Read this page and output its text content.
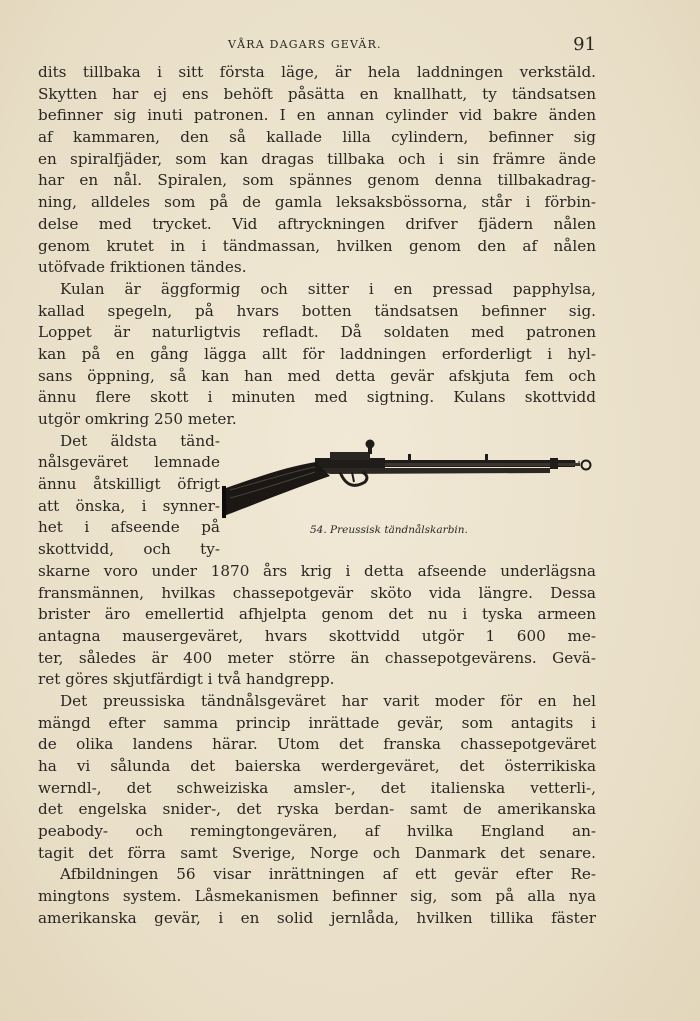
VÅRA DAGARS GEVÄR.	91
dits tillbaka i sitt första läge, är hela laddningen verkstäld.
Skytten har ej ens behöft påsätta en knallhatt, ty tändsatsen
befinner sig inuti patronen. I en annan cylinder vid bakre änden
af kammaren, den så kallade lilla cylindern, befinner sig
en spiralfjäder, som kan dragas tillbaka och i sin främre ände
har en nål. Spiralen, som spännes genom denna tillbakadrag-
ning, alldeles som på de gamla leksaksbössorna, står i förbin-
delse med trycket. Vid aftryckningen drifver fjädern nålen
genom krutet in i tändmassan, hvilken genom den af nålen
utöfvade friktionen tändes.
Kulan är äggformig och sitter i en pressad papphylsa,
kallad spegeln, på hvars botten tändsatsen befinner sig.
Loppet är naturligtvis refladt. Då soldaten med patronen
kan på en gång lägga allt för laddningen erforderligt i hyl-
sans öppning, så kan han med detta gevär afskjuta fem och
ännu flere skott i minuten med sigtning. Kulans skottvidd
utgör omkring 250 meter.
Det äldsta tänd-
nålsgeväret lemnade
ännu åtskilligt öfrigt
att önska, i synner-
het i afseende på
skottvidd, och ty-
skarne voro under 1870 års krig i detta afseende underlägsna
fransmännen, hvilkas chassepotgevär sköto vida längre. Dessa
brister äro emellertid afhjelpta genom det nu i tyska armeen
antagna mausergeväret, hvars skottvidd utgör 1 600 me-
ter, således är 400 meter större än chassepotgevärens. Gevä-
ret göres skjutfärdigt i två handgrepp.
Det preussiska tändnålsgeväret har varit moder för en hel
mängd efter samma princip inrättade gevär, som antagits i
de olika landens härar. Utom det franska chassepotgeväret
ha vi sålunda det baierska werdergeväret, det österrikiska
werndl-, det schweiziska amsler-, det italienska vetterli-,
det engelska snider-, det ryska berdan- samt de amerikanska
peabody- och remingtongevären, af hvilka England an-
tagit det förra samt Sverige, Norge och Danmark det senare.
Afbildningen 56 visar inrättningen af ett gevär efter Re-
mingtons system. Låsmekanismen befinner sig, som på alla nya
amerikanska gevär, i en solid jernlåda, hvilken tillika fäster
54. Preussisk tändnålskarbin.
